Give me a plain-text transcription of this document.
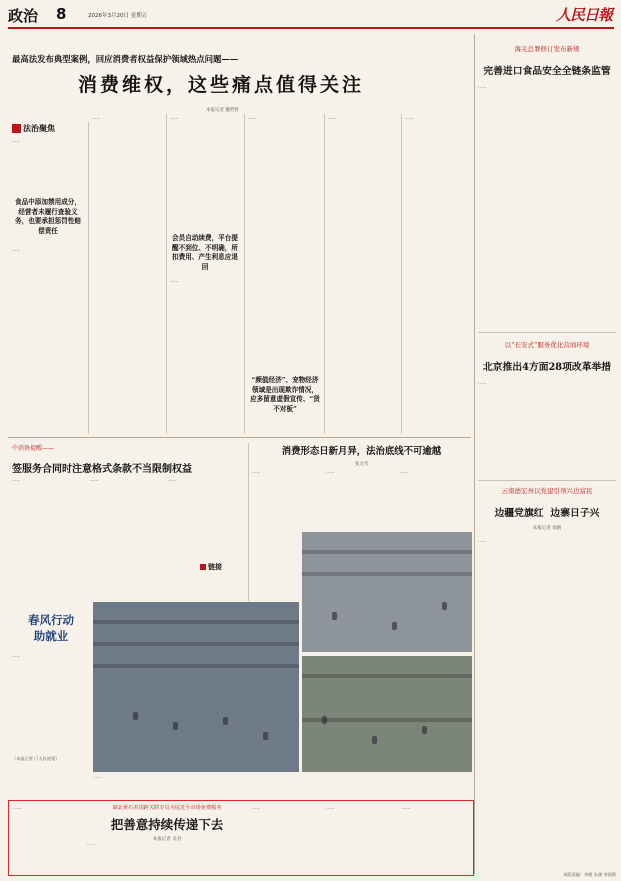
政治 8	2026年3月20日 星期五	人民日報
最高法发布典型案例，回应消费者权益保护领域热点问题——
消费维权，这些痛点值得关注
本报记者 魏哲哲
法治聚焦
……
食品中添加禁用成分，经营者未履行查验义务，也要承担惩罚性赔偿责任
……
……	……
会员自动续费，平台提醒不到位、不明确，所扣费用、产生利息应退回
……
……
“颜值经济”、宠物经济领域是出现欺诈情况，应多留意虚假宣传、“货不对板”
……	……
海关总署修订发布新规
完善进口食品安全全链条监管
……
以“长安式”服务优化营商环境
北京推出4方面28项改革举措
……
云南德宏州以党建引领兴边富民
边疆党旗红  边寨日子兴
本报记者 徐鹤
……
中消协提醒——
签服务合同时注意格式条款不当限制权益
……	……	……
链接
消费形态日新月异，法治底线不可逾越
张文雪
……	……	……
春风行动
助就业
……
（本报记者 门人民视觉）
……
……	湖北黄石美国跨关联专员为尾近全市场免费服务
把善意持续传递下去
本报记者 吴君
……
……	……	……
本版责编：李健 朱涵 李润莉
